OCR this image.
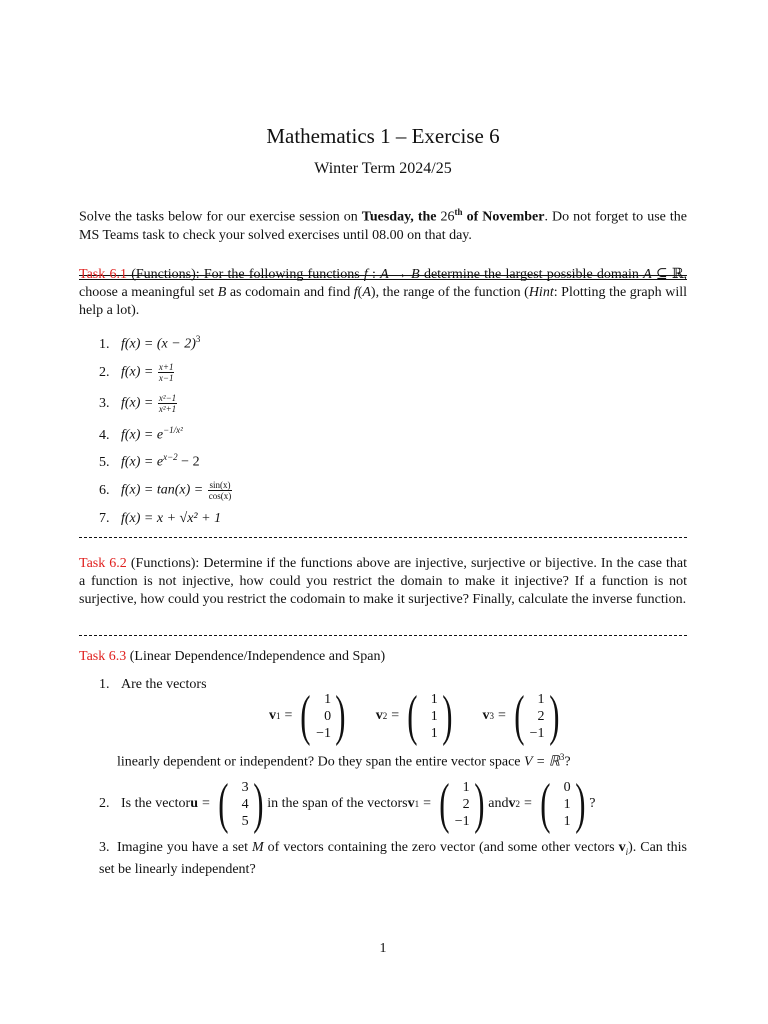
Mathematics 1 – Exercise 6
Winter Term 2024/25
Solve the tasks below for our exercise session on Tuesday, the 26th of November. Do not forget to use the MS Teams task to check your solved exercises until 08.00 on that day.
Task 6.1 (Functions): For the following functions f : A → B determine the largest possible domain A ⊆ ℝ, choose a meaningful set B as codomain and find f(A), the range of the function (Hint: Plotting the graph will help a lot).
1. $f(x) = (x - 2)^3$
2. $f(x) = \frac{x+1}{x-1}$
3. $f(x) = \frac{\text{x²−1}}{\text{x²+1}}$
4. $f(x) = e^{-1/x^2}$
5. $f(x) = e^{x-2} - 2$
6. $f(x) = \tan(x) = \frac{\sin(x)}{\cos(x)}$
7. f(x) = x + √x² + 1
Task 6.2 (Functions): Determine if the functions above are injective, surjective or bijective. In the case that a function is not injective, how could you restrict the domain to make it injective? If a function is not surjective, how could you restrict the codomain to make it surjective? Finally, calculate the inverse function.
Task 6.3 (Linear Dependence/Independence and Span)
1. Are the vectors
v 1 = ( 1
0
−1 ) v 2 = ( 1
1
1 ) v 3 = ( 1
2
−1 )
linearly dependent or independent? Do they span the entire vector space V = ℝ$^3$?
2. Is the vector u = ( 3
4
5 ) in the span of the vectors v 1 = ( 1
2
−1 ) and v 2 = ( 0
1
1 ) ?
3. Imagine you have a set M of vectors containing the zero vector (and some other vectors $v_i$). Can this set be linearly independent?
1
